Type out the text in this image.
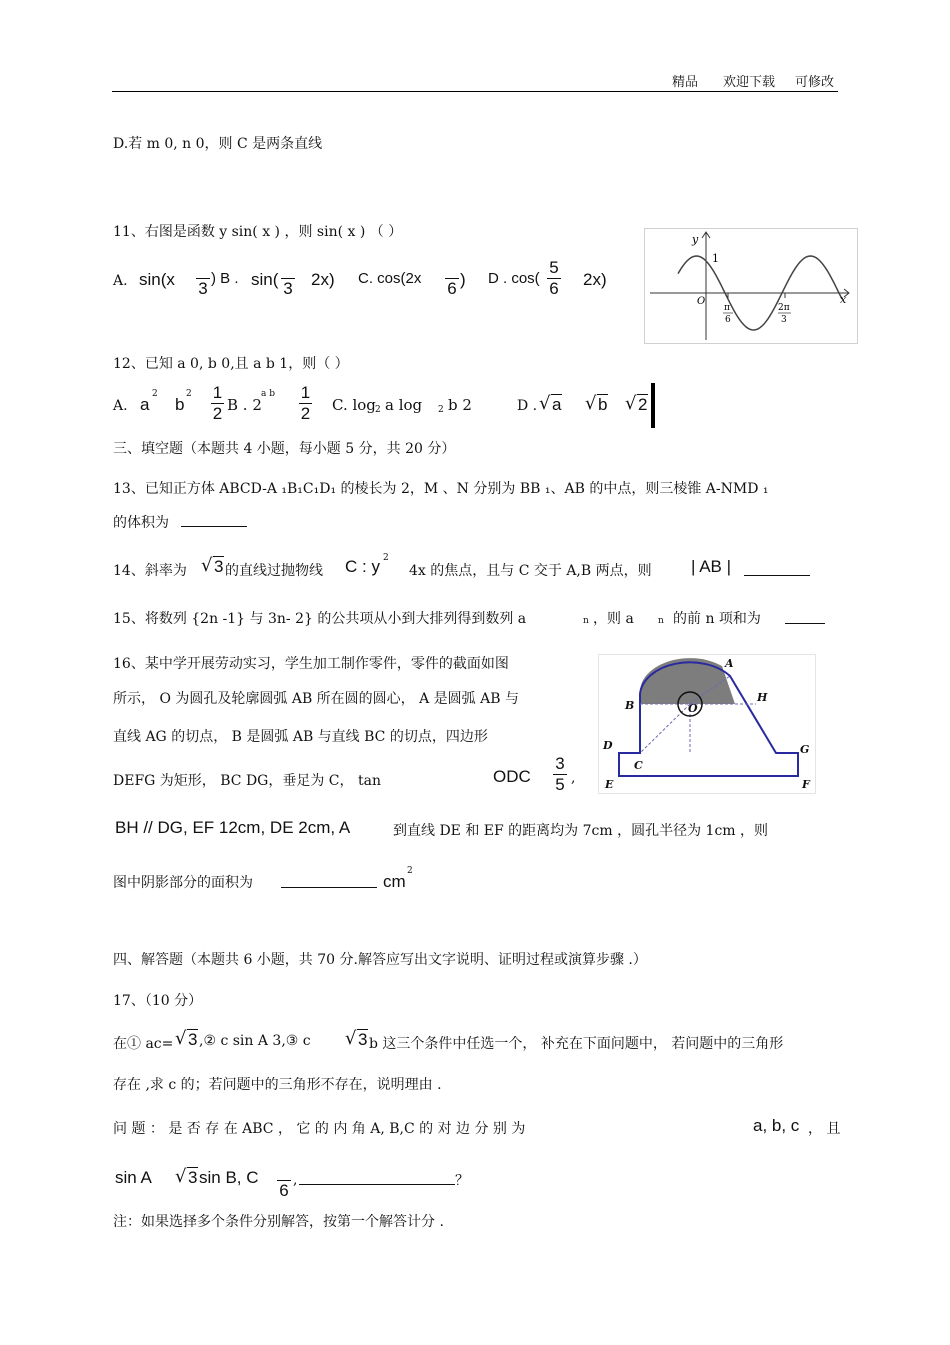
精品 欢迎下载 可修改
D.若 m 0, n 0，则 C 是两条直线
11、右图是函数 y sin( x ) ，则 sin( x ) （ ）
A. sin(x
3
) B . sin(
3 2x) C. cos(2x

6 ) D . cos(
5
6 2x)
y
x
1
O
π
6
2π
3
12、已知 a 0, b 0,且 a b 1，则（ ）
A. a
2
b
2 1
2 B . 2
a b 1
2 C. log 2 a log 2 b 2	D . √ a	√ b	√ 2
三、填空题（本题共 4 小题，每小题 5 分，共 20 分）
13、已知正方体 ABCD-A ₁B₁C₁D₁ 的棱长为 2，M 、N 分别为 BB ₁、AB 的中点，则三棱锥 A-NMD ₁
的体积为
14、斜率为	√ 3 的直线过抛物线 C : y 2
4x 的焦点，且与 C 交于 A,B 两点，则 | AB |
15、将数列 {2n -1} 与 3n- 2} 的公共项从小到大排列得到数列 a	n ，则 a	n 的前 n 项和为
16、某中学开展劳动实习，学生加工制作零件，零件的截面如图
所示， O 为圆孔及轮廓圆弧 AB 所在圆的圆心， A 是圆弧 AB 与
直线 AG 的切点， B 是圆弧 AB 与直线 BC 的切点，四边形
DEFG 为矩形， BC DG，垂足为 C， tan	ODC
3
5 ,
BH // DG, EF 12cm, DE 2cm, A	到直线 DE 和 EF 的距离均为 7cm ，圆孔半径为 1cm ，则
图中阴影部分的面积为	cm
2
A
B	O
H
D	G
C
E	F
四、解答题（本题共 6 小题，共 70 分.解答应写出文字说明、证明过程或演算步骤 .）
17、（10 分）
在① ac= √ 3 ,② c sin A 3,③ c	√ 3 b 这三个条件中任选一个， 补充在下面问题中， 若问题中的三角形
存在 ,求 c 的；若问题中的三角形不存在，说明理由 .
问 题 ： 是 否 存 在 ABC ， 它 的 内 角 A, B,C 的 对 边 分 别 为	a, b, c ， 且
sin A	√ 3 sin B, C

6
,	？
注：如果选择多个条件分别解答，按第一个解答计分 .
